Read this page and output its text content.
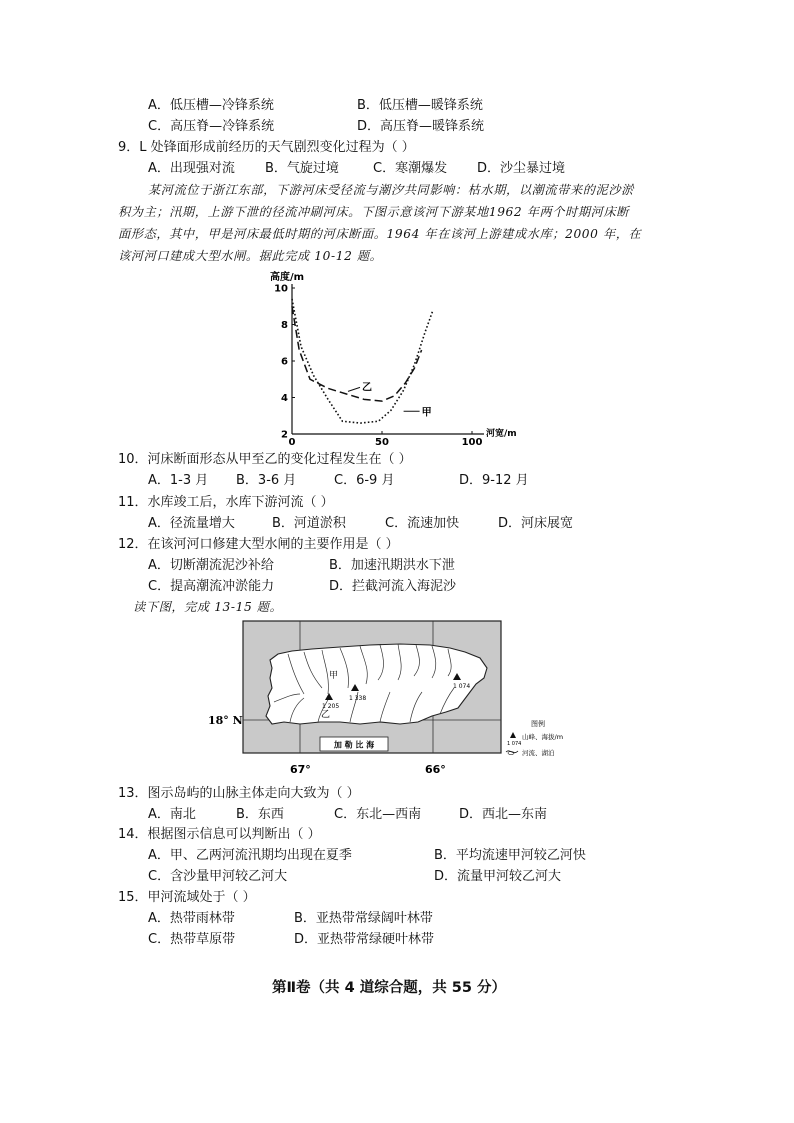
A．低压槽—冷锋系统	B．低压槽—暖锋系统
C．高压脊—冷锋系统	D．高压脊—暖锋系统
9．L 处锋面形成前经历的天气剧烈变化过程为（ ）
A．出现强对流 B．气旋过境	C．寒潮爆发 D．沙尘暴过境
某河流位于浙江东部，下游河床受径流与潮汐共同影响：枯水期，以潮流带来的泥沙淤
积为主；汛期，上游下泄的径流冲刷河床。下图示意该河下游某地1962 年两个时期河床断
面形态，其中，甲是河床最低时期的河床断面。1964 年在该河上游建成水库；2000 年，在
该河河口建成大型水闸。据此完成 10-12 题。
2
4
6
8
10
0	50	100
高度/m
河宽/m
甲
乙
10．河床断面形态从甲至乙的变化过程发生在（ ）
A．1-3 月 B．3-6 月	C．6-9 月	D．9-12 月
11．水库竣工后，水库下游河流（ ）
A．径流量增大	B．河道淤积	C．流速加快	D．河床展宽
12．在该河河口修建大型水闸的主要作用是（ ）
A．切断潮流泥沙补给	B．加速汛期洪水下泄
C．提高潮流冲淤能力	D．拦截河流入海泥沙
读下图，完成 13-15 题。
1 205
1 338
1 074
甲
乙
加 勒 比 海
18° N
67°	66°
图例
1 074
山峰、海拔/m
河流、湖泊
13．图示岛屿的山脉主体走向大致为（ ）
A．南北	B．东西	C．东北—西南	D．西北—东南
14．根据图示信息可以判断出（ ）
A．甲、乙两河流汛期均出现在夏季	B．平均流速甲河较乙河快
C．含沙量甲河较乙河大	D．流量甲河较乙河大
15．甲河流域处于（ ）
A．热带雨林带	B．亚热带常绿阔叶林带
C．热带草原带	D．亚热带常绿硬叶林带
第Ⅱ卷（共 4 道综合题，共 55 分）
